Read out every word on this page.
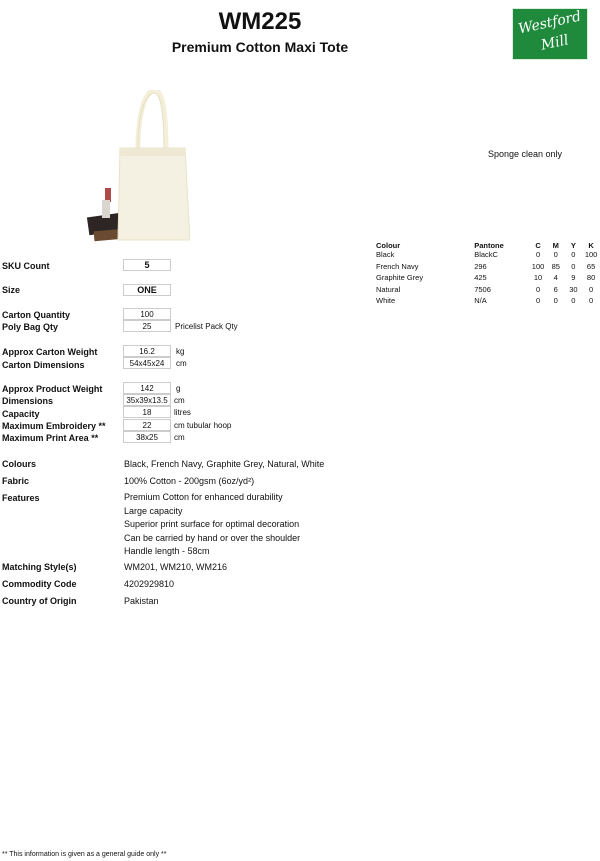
WM225
Premium Cotton Maxi Tote
Westford
Mill
Sponge clean only
SKU Count	5
Size	ONE
Carton Quantity	100
Poly Bag Qty	25	Pricelist Pack Qty
Approx Carton Weight	16.2	kg
Carton Dimensions	54x45x24	cm
Approx Product Weight	142	g
Dimensions	35x39x13.5 cm
Capacity	18	litres
Maximum Embroidery **	22	cm tubular hoop
Maximum Print Area **	38x25	cm
Colours	Black, French Navy, Graphite Grey, Natural, White
Fabric	100% Cotton - 200gsm (6oz/yd²)
Features	Premium Cotton for enhanced durability
Large capacity
Superior print surface for optimal decoration
Can be carried by hand or over the shoulder
Handle length - 58cm
Matching Style(s)	WM201, WM210, WM216
Commodity Code	4202929810
Country of Origin	Pakistan
Colour	Pantone	C	M	Y	K
Black	BlackC	0	0	0	100
French Navy	296	100	85	0	65
Graphite Grey	425	10	4	9	80
Natural	7506	0	6	30	0
White	N/A	0	0	0	0
** This information is given as a general guide only **
